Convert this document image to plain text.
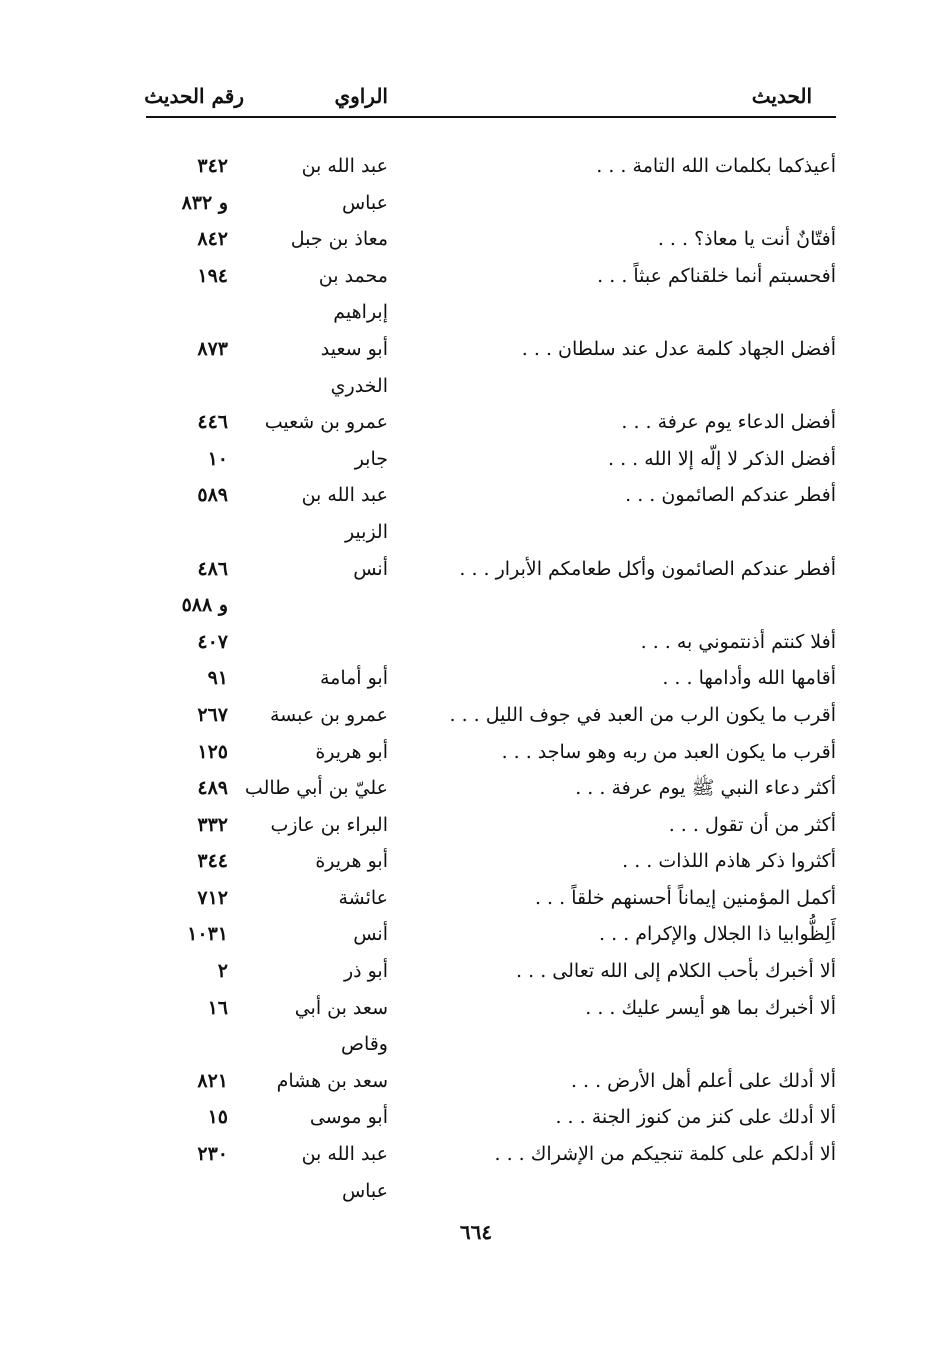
الحديث
الراوي
رقم الحديث
أعيذكما بكلمات الله التامة . . .
عبد الله بن
عباس
٣٤٢
و ٨٣٢
أفتّانٌ أنت يا معاذ؟ . . .
معاذ بن جبل
٨٤٢
أفحسبتم أنما خلقناكم عبثاً . . .
محمد بن
إبراهيم
١٩٤
أفضل الجهاد كلمة عدل عند سلطان . . .
أبو سعيد
الخدري
٨٧٣
أفضل الدعاء يوم عرفة . . .
عمرو بن شعيب
٤٤٦
أفضل الذكر لا إلّه إلا الله . . .
جابر
١٠
أفطر عندكم الصائمون . . .
عبد الله بن
الزبير
٥٨٩
أفطر عندكم الصائمون وأكل طعامكم الأبرار . . .
أنس
٤٨٦
و ٥٨٨
أفلا كنتم أذنتموني به . . .
٤٠٧
أقامها الله وأدامها . . .
أبو أمامة
٩١
أقرب ما يكون الرب من العبد في جوف الليل . . .
عمرو بن عبسة
٢٦٧
أقرب ما يكون العبد من ربه وهو ساجد . . .
أبو هريرة
١٢٥
أكثر دعاء النبي ﷺ يوم عرفة . . .
عليّ بن أبي طالب
٤٨٩
أكثر من أن تقول . . .
البراء بن عازب
٣٣٢
أكثروا ذكر هاذم اللذات . . .
أبو هريرة
٣٤٤
أكمل المؤمنين إيماناً أحسنهم خلقاً . . .
عائشة
٧١٢
أَلِظُّوابيا ذا الجلال والإكرام . . .
أنس
١٠٣١
ألا أخبرك بأحب الكلام إلى الله تعالى . . .
أبو ذر
٢
ألا أخبرك بما هو أيسر عليك . . .
سعد بن أبي
وقاص
١٦
ألا أدلك على أعلم أهل الأرض . . .
سعد بن هشام
٨٢١
ألا أدلك على كنز من كنوز الجنة . . .
أبو موسى
١٥
ألا أدلكم على كلمة تنجيكم من الإشراك . . .
عبد الله بن
عباس
٢٣٠
٦٦٤
